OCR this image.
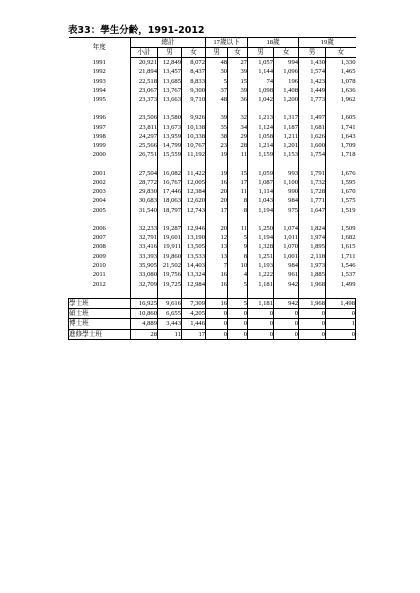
表33：學生分齡，1991-2012
年度	總計			17歲以下		18歲		19歲	
	小計	男	女	男	女	男	女	男	女
1991	20,921	12,849	8,072	48	27	1,057	994	1,430	1,330
1992	21,894	13,457	8,437	30	39	1,144	1,096	1,574	1,465
1993	22,518	13,685	8,833	5	15	74	196	1,423	1,078
1994	23,067	13,767	9,300	37	39	1,098	1,408	1,449	1,636
1995	23,373	13,663	9,710	48	36	1,042	1,200	1,773	1,962

1996	23,506	13,580	9,926	39	32	1,213	1,317	1,497	1,605
1997	23,811	13,673	10,138	35	34	1,124	1,187	1,681	1,741
1998	24,297	13,959	10,338	38	29	1,058	1,211	1,626	1,643
1999	25,566	14,799	10,767	23	28	1,214	1,201	1,600	1,709
2000	26,751	15,559	11,192	19	11	1,159	1,153	1,754	1,718

2001	27,504	16,082	11,422	19	15	1,059	993	1,791	1,676
2002	28,772	16,767	12,005	16	17	1,087	1,100	1,732	1,595
2003	29,830	17,446	12,384	20	11	1,114	990	1,728	1,670
2004	30,683	18,063	12,620	20	8	1,043	984	1,771	1,575
2005	31,540	18,797	12,743	17	8	1,194	975	1,647	1,519

2006	32,233	19,287	12,946	20	11	1,250	1,074	1,824	1,509
2007	32,791	19,601	13,190	12	5	1,194	1,011	1,974	1,682
2008	33,416	19,911	13,505	13	9	1,328	1,070	1,895	1,615
2009	33,393	19,860	13,533	13	8	1,251	1,001	2,118	1,711
2010	35,905	21,502	14,403	7	10	1,193	984	1,973	1,546
2011	33,080	19,756	13,324	16	4	1,222	961	1,885	1,537
2012	32,709	19,725	12,984	16	5	1,181	942	1,968	1,499

學士班	16,925	9,616	7,309	16	5	1,181	942	1,968	1,498
碩士班	10,860	6,655	4,205	0	0	0	0	0	0
博士班	4,889	3,443	1,446	0	0	0	0	0	1
進修學士班	28	11	17	0	0	0	0	0	0
